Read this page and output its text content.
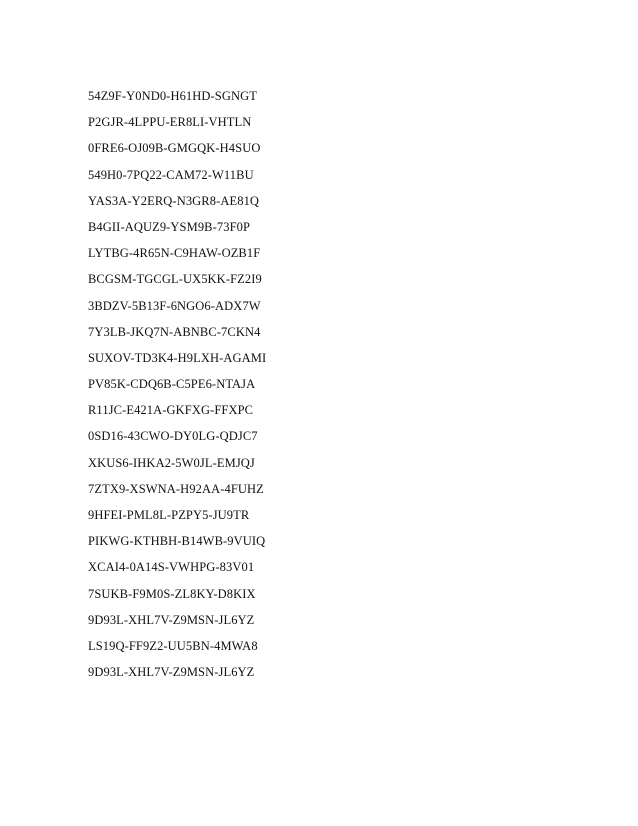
54Z9F-Y0ND0-H61HD-SGNGT
P2GJR-4LPPU-ER8LI-VHTLN
0FRE6-OJ09B-GMGQK-H4SUO
549H0-7PQ22-CAM72-W11BU
YAS3A-Y2ERQ-N3GR8-AE81Q
B4GII-AQUZ9-YSM9B-73F0P
LYTBG-4R65N-C9HAW-OZB1F
BCGSM-TGCGL-UX5KK-FZ2I9
3BDZV-5B13F-6NGO6-ADX7W
7Y3LB-JKQ7N-ABNBC-7CKN4
SUXOV-TD3K4-H9LXH-AGAMI
PV85K-CDQ6B-C5PE6-NTAJA
R11JC-E421A-GKFXG-FFXPC
0SD16-43CWO-DY0LG-QDJC7
XKUS6-IHKA2-5W0JL-EMJQJ
7ZTX9-XSWNA-H92AA-4FUHZ
9HFEI-PML8L-PZPY5-JU9TR
PIKWG-KTHBH-B14WB-9VUIQ
XCAI4-0A14S-VWHPG-83V01
7SUKB-F9M0S-ZL8KY-D8KIX
9D93L-XHL7V-Z9MSN-JL6YZ
LS19Q-FF9Z2-UU5BN-4MWA8
9D93L-XHL7V-Z9MSN-JL6YZ
